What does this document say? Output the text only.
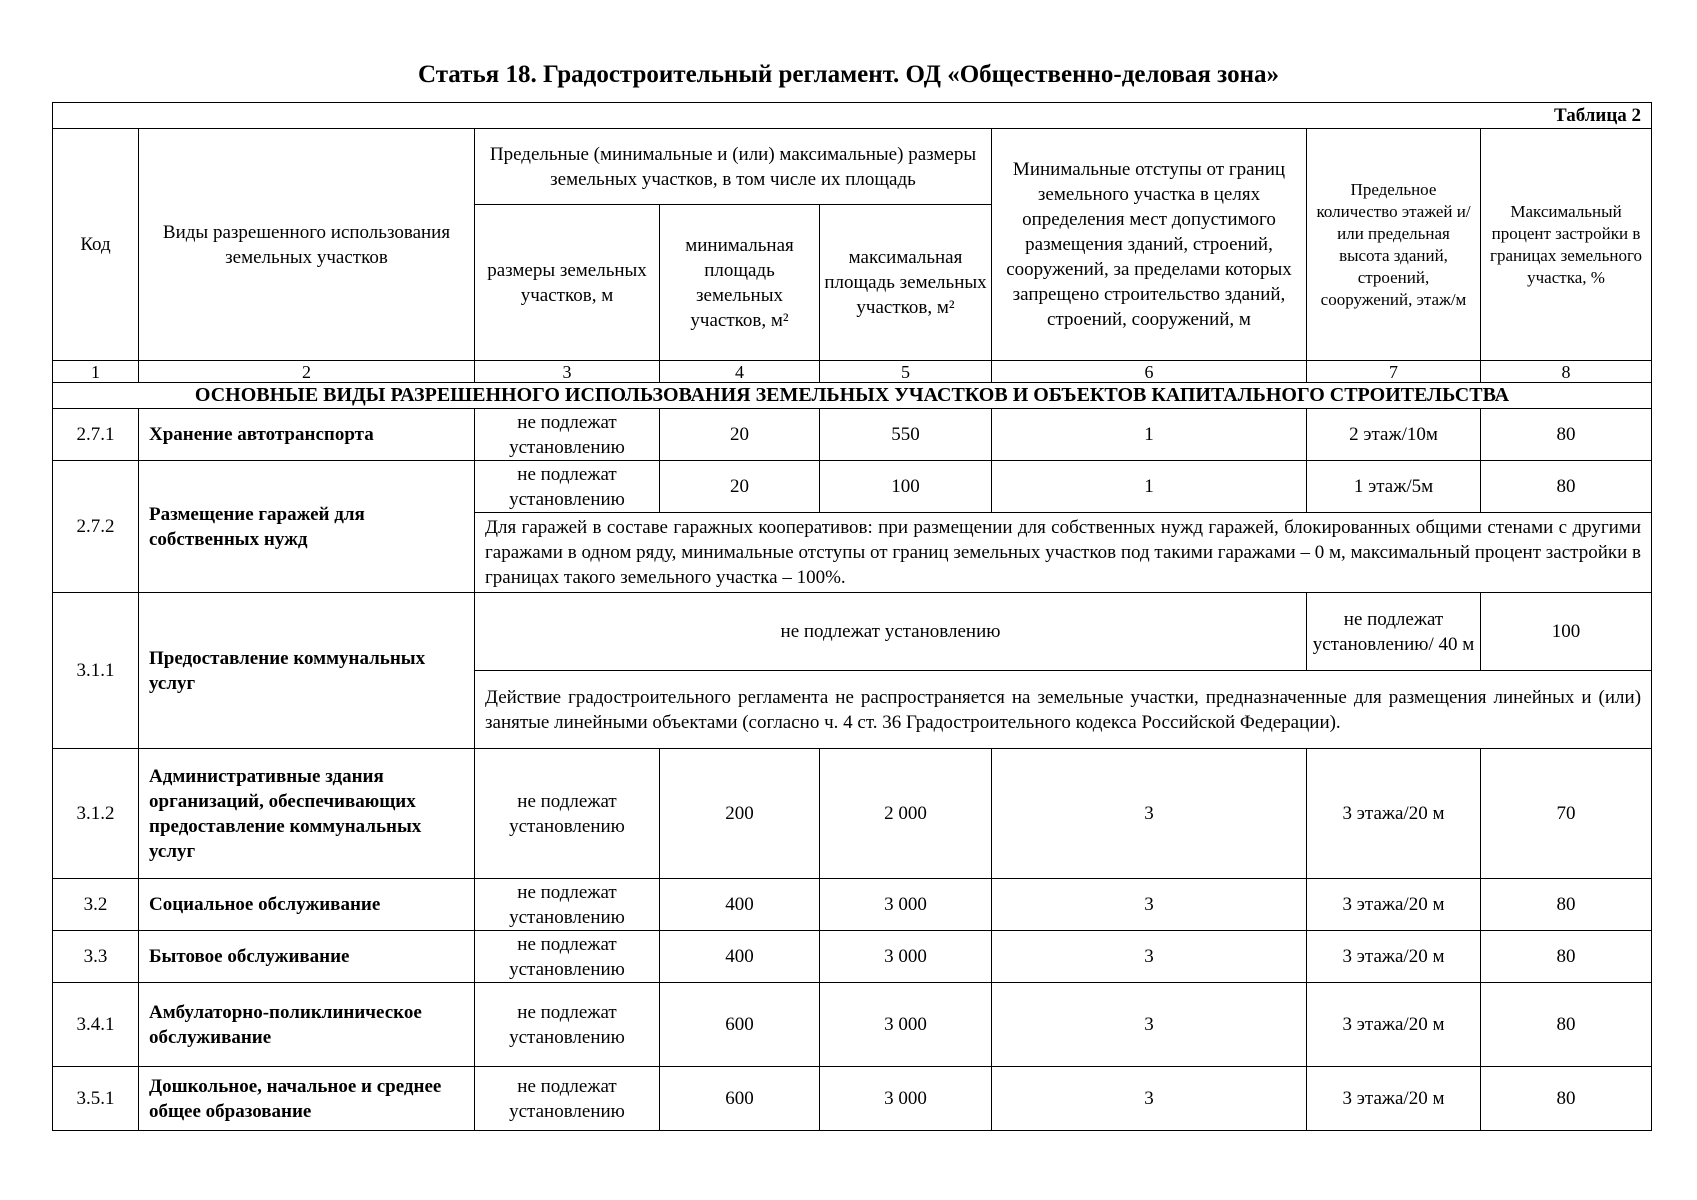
Статья 18. Градостроительный регламент. ОД «Общественно-деловая зона»
Таблица 2							
Код	Виды разрешенного использования земельных участков	Предельные (минимальные и (или) максимальные) размеры земельных участков, в том числе их площадь			Минимальные отступы от границ земельного участка в целях определения мест допустимого размещения зданий, строений, сооружений, за пределами которых запрещено строительство зданий, строений, сооружений, м	Предельное количество этажей и/или предельная высота зданий, строений, сооружений, этаж/м	Максимальный процент застройки в границах земельного участка, %
		размеры земельных участков, м	минимальная площадь земельных участков, м²	максимальная площадь земельных участков, м²			
1	2	3	4	5	6	7	8
ОСНОВНЫЕ ВИДЫ РАЗРЕШЕННОГО ИСПОЛЬЗОВАНИЯ ЗЕМЕЛЬНЫХ УЧАСТКОВ И ОБЪЕКТОВ КАПИТАЛЬНОГО СТРОИТЕЛЬСТВА							
2.7.1	Хранение автотранспорта	не подлежат установлению	20	550	1	2 этаж/10м	80
2.7.2	Размещение гаражей для собственных нужд	не подлежат установлению	20	100	1	1 этаж/5м	80
		Для гаражей в составе гаражных кооперативов: при размещении для собственных нужд гаражей, блокированных общими стенами с другими гаражами в одном ряду, минимальные отступы от границ земельных участков под такими гаражами – 0 м, максимальный процент застройки в границах такого земельного участка – 100%.					
3.1.1	Предоставление коммунальных услуг	не подлежат установлению				не подлежат установлению/ 40 м	100
		Действие градостроительного регламента не распространяется на земельные участки, предназначенные для размещения линейных и (или) занятые линейными объектами (согласно ч. 4 ст. 36 Градостроительного кодекса Российской Федерации).					
3.1.2	Административные здания организаций, обеспечивающих предоставление коммунальных услуг	не подлежат установлению	200	2 000	3	3 этажа/20 м	70
3.2	Социальное обслуживание	не подлежат установлению	400	3 000	3	3 этажа/20 м	80
3.3	Бытовое обслуживание	не подлежат установлению	400	3 000	3	3 этажа/20 м	80
3.4.1	Амбулаторно-поликлиническое обслуживание	не подлежат установлению	600	3 000	3	3 этажа/20 м	80
3.5.1	Дошкольное, начальное и среднее общее образование	не подлежат установлению	600	3 000	3	3 этажа/20 м	80
